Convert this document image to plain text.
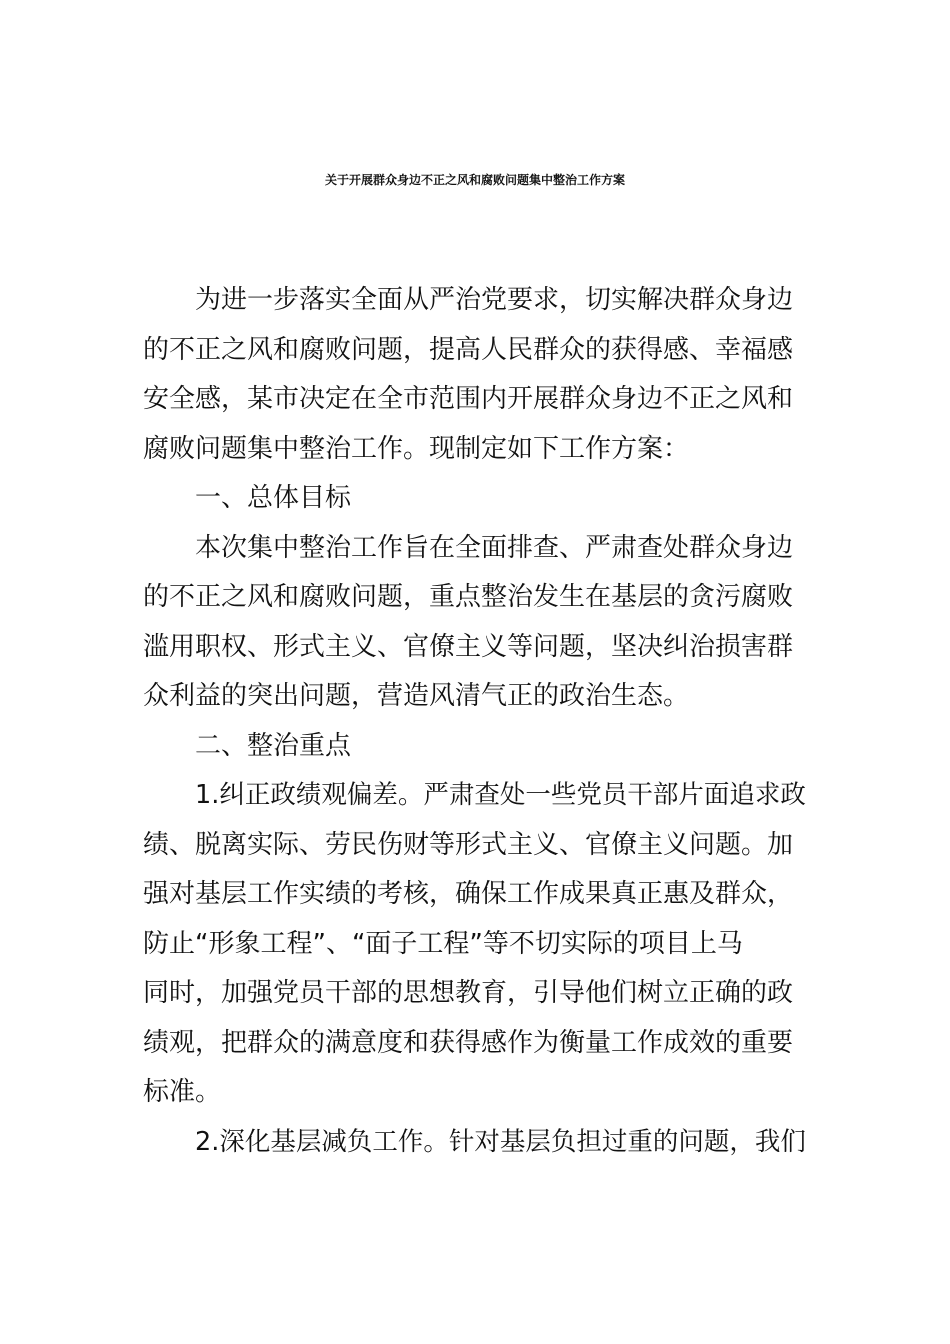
关于开展群众身边不正之风和腐败问题集中整治工作方案
为进一步落实全面从严治党要求，切实解决群众身边
的不正之风和腐败问题，提高人民群众的获得感、幸福感
安全感，某市决定在全市范围内开展群众身边不正之风和
腐败问题集中整治工作。现制定如下工作方案：
一、总体目标
本次集中整治工作旨在全面排查、严肃查处群众身边
的不正之风和腐败问题，重点整治发生在基层的贪污腐败
滥用职权、形式主义、官僚主义等问题，坚决纠治损害群
众利益的突出问题，营造风清气正的政治生态。
二、整治重点
1.纠正政绩观偏差。严肃查处一些党员干部片面追求政
绩、脱离实际、劳民伤财等形式主义、官僚主义问题。加
强对基层工作实绩的考核，确保工作成果真正惠及群众，
防止“形象工程”、“面子工程”等不切实际的项目上马
同时，加强党员干部的思想教育，引导他们树立正确的政
绩观，把群众的满意度和获得感作为衡量工作成效的重要
标准。
2.深化基层减负工作。针对基层负担过重的问题，我们
